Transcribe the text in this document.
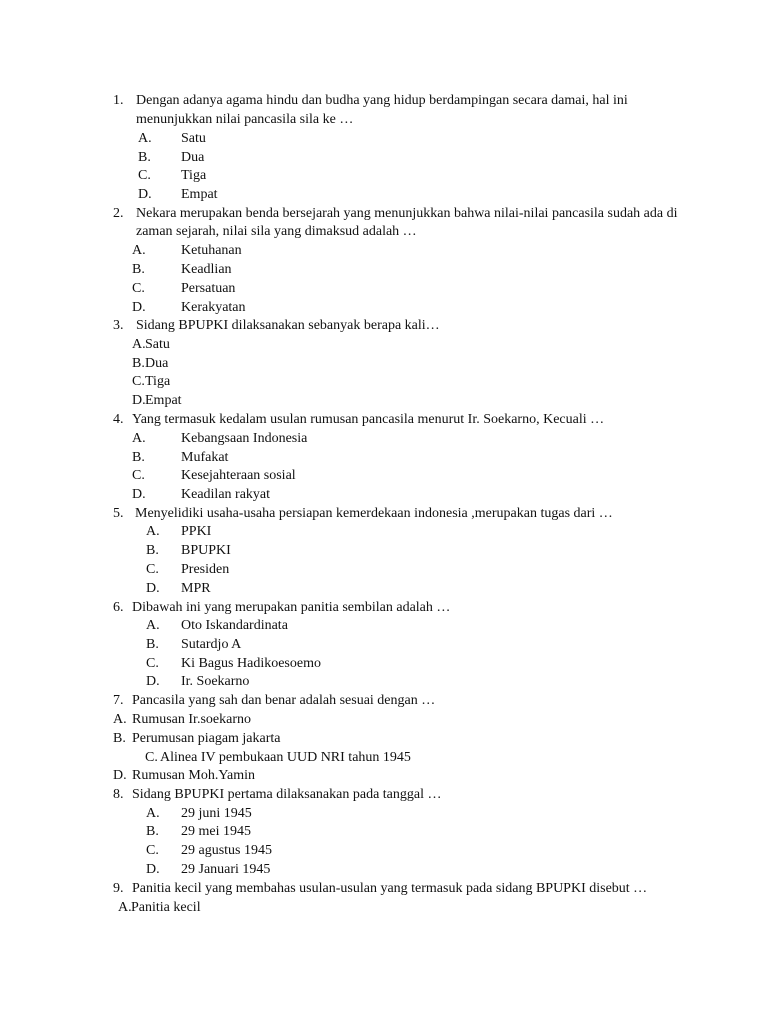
1. Dengan adanya agama hindu dan budha yang hidup berdampingan secara damai, hal ini
menunjukkan nilai pancasila sila ke …
A. Satu
B. Dua
C. Tiga
D. Empat
2. Nekara merupakan benda bersejarah yang menunjukkan bahwa nilai-nilai pancasila sudah ada di
zaman sejarah, nilai sila yang dimaksud adalah …
A.	Ketuhanan
B.	Keadlian
C.	Persatuan
D.	Kerakyatan
3. Sidang BPUPKI dilaksanakan sebanyak berapa kali…
A. Satu
B. Dua
C. Tiga
D. Empat
4. Yang termasuk kedalam usulan rumusan pancasila menurut Ir. Soekarno, Kecuali …
A.	Kebangsaan Indonesia
B.	Mufakat
C.	Kesejahteraan sosial
D.	Keadilan rakyat
5. Menyelidiki usaha-usaha persiapan kemerdekaan indonesia ,merupakan tugas dari …
A. PPKI
B. BPUPKI
C. Presiden
D. MPR
6. Dibawah ini yang merupakan panitia sembilan adalah …
A. Oto Iskandardinata
B. Sutardjo A
C. Ki Bagus Hadikoesoemo
D. Ir. Soekarno
7. Pancasila yang sah dan benar adalah sesuai dengan …
A. Rumusan Ir.soekarno
B. Perumusan piagam jakarta
C. Alinea IV pembukaan UUD NRI tahun 1945
D. Rumusan Moh.Yamin
8. Sidang BPUPKI pertama dilaksanakan pada tanggal …
A. 29 juni 1945
B. 29 mei 1945
C. 29 agustus 1945
D. 29 Januari 1945
9. Panitia kecil yang membahas usulan-usulan yang termasuk pada sidang BPUPKI disebut …
A. Panitia kecil
